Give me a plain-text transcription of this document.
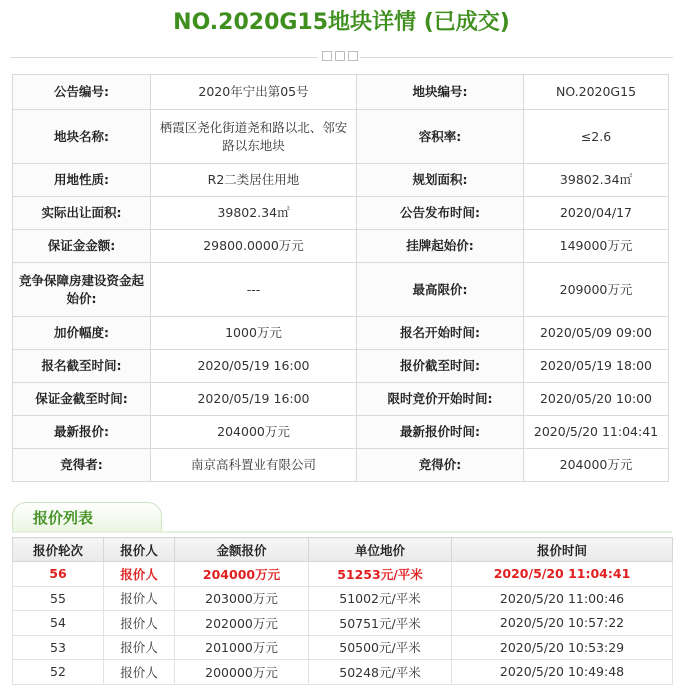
NO.2020G15地块详情 (已成交)
公告编号:	2020年宁出第05号	地块编号:	NO.2020G15
地块名称:	栖霞区尧化街道尧和路以北、邻安路以东地块	容积率:	≤2.6
用地性质:	R2二类居住用地	规划面积:	39802.34㎡
实际出让面积:	39802.34㎡	公告发布时间:	2020/04/17
保证金金额:	29800.0000万元	挂牌起始价:	149000万元
竞争保障房建设资金起始价:	---	最高限价:	209000万元
加价幅度:	1000万元	报名开始时间:	2020/05/09 09:00
报名截至时间:	2020/05/19 16:00	报价截至时间:	2020/05/19 18:00
保证金截至时间:	2020/05/19 16:00	限时竞价开始时间:	2020/05/20 10:00
最新报价:	204000万元	最新报价时间:	2020/5/20 11:04:41
竞得者:	南京高科置业有限公司	竞得价:	204000万元
报价列表
报价轮次	报价人	金额报价	单位地价	报价时间
56	报价人	204000万元	51253元/平米	2020/5/20 11:04:41
55	报价人	203000万元	51002元/平米	2020/5/20 11:00:46
54	报价人	202000万元	50751元/平米	2020/5/20 10:57:22
53	报价人	201000万元	50500元/平米	2020/5/20 10:53:29
52	报价人	200000万元	50248元/平米	2020/5/20 10:49:48
